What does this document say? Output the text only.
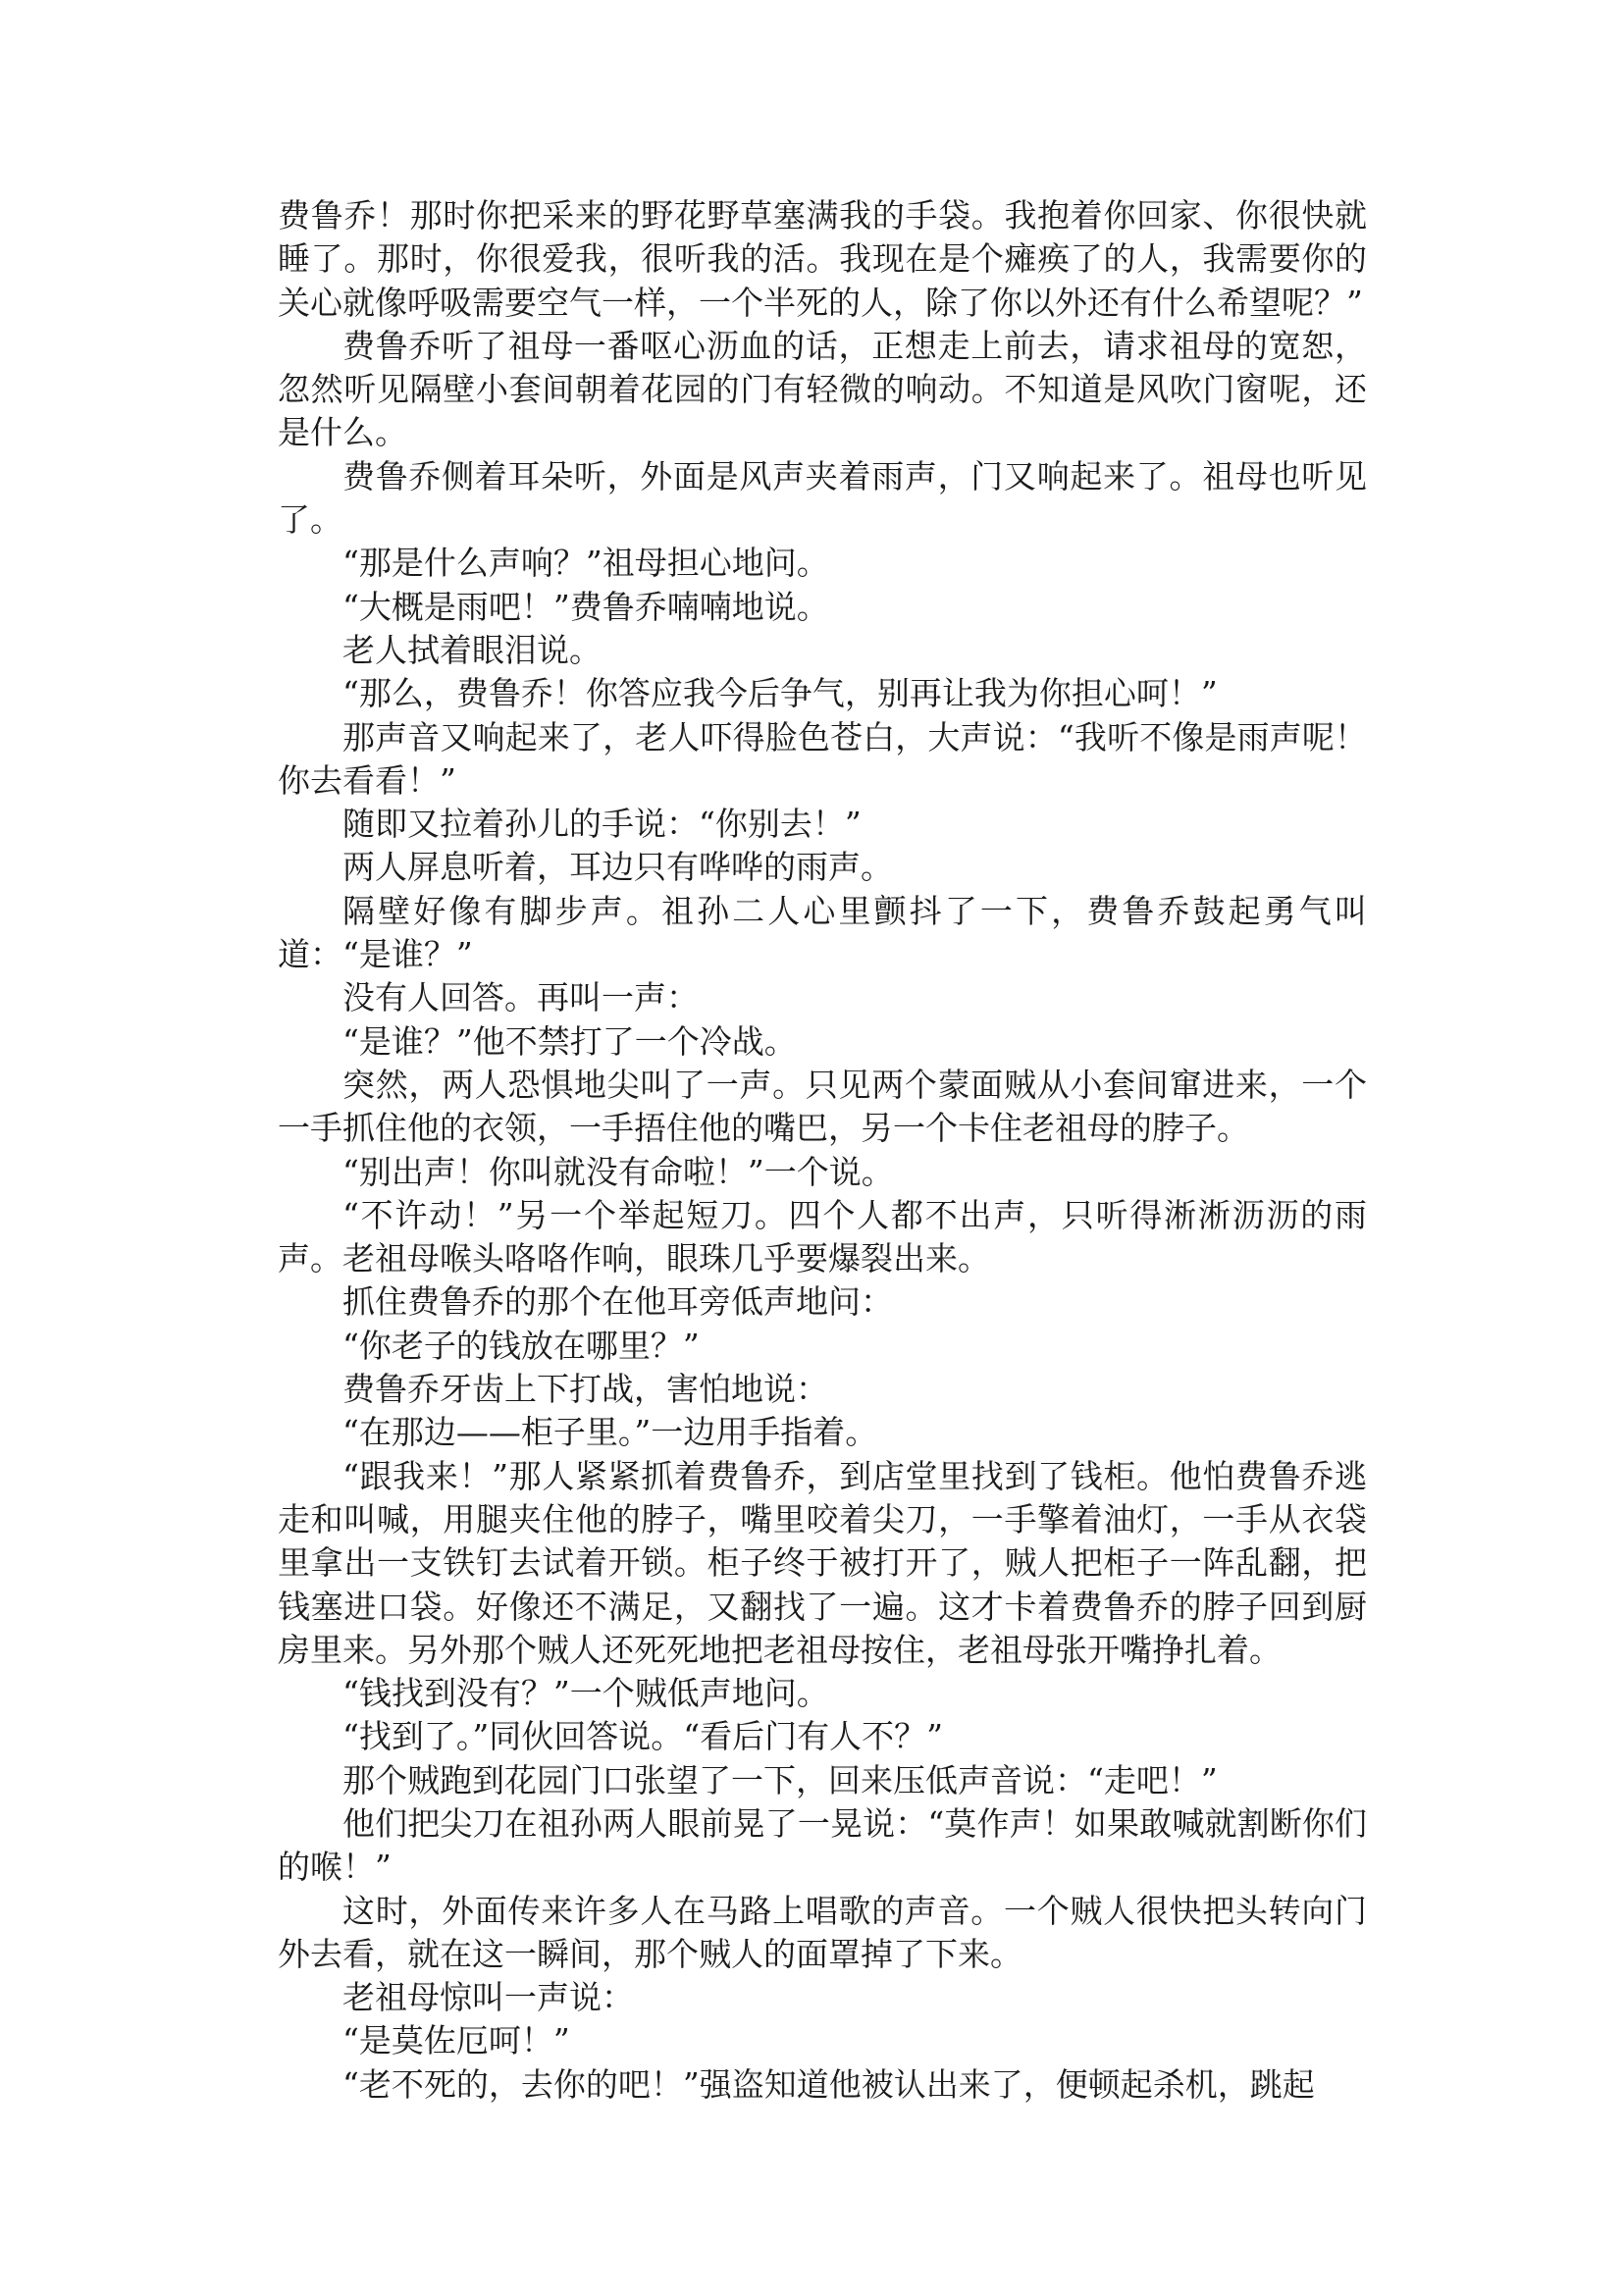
费鲁乔！那时你把采来的野花野草塞满我的手袋。我抱着你回家、你很快就睡了。那时，你很爱我，很听我的活。我现在是个瘫痪了的人，我需要你的关心就像呼吸需要空气一样，一个半死的人，除了你以外还有什么希望呢？”

费鲁乔听了祖母一番呕心沥血的话，正想走上前去，请求祖母的宽恕，忽然听见隔壁小套间朝着花园的门有轻微的响动。不知道是风吹门窗呢，还是什么。

费鲁乔侧着耳朵听，外面是风声夹着雨声，门又响起来了。祖母也听见了。

“那是什么声响？”祖母担心地问。

“大概是雨吧！”费鲁乔喃喃地说。

老人拭着眼泪说。

“那么，费鲁乔！你答应我今后争气，别再让我为你担心呵！”

那声音又响起来了，老人吓得脸色苍白，大声说：“我听不像是雨声呢！你去看看！”

随即又拉着孙儿的手说：“你别去！”

两人屏息听着，耳边只有哗哗的雨声。

隔壁好像有脚步声。祖孙二人心里颤抖了一下，费鲁乔鼓起勇气叫道：“是谁？”

没有人回答。再叫一声：

“是谁？”他不禁打了一个冷战。

突然，两人恐惧地尖叫了一声。只见两个蒙面贼从小套间窜进来，一个一手抓住他的衣领，一手捂住他的嘴巴，另一个卡住老祖母的脖子。

“别出声！你叫就没有命啦！”一个说。

“不许动！”另一个举起短刀。四个人都不出声，只听得淅淅沥沥的雨声。老祖母喉头咯咯作响，眼珠几乎要爆裂出来。

抓住费鲁乔的那个在他耳旁低声地问：

“你老子的钱放在哪里？”

费鲁乔牙齿上下打战，害怕地说：

“在那边——柜子里。”一边用手指着。

“跟我来！”那人紧紧抓着费鲁乔，到店堂里找到了钱柜。他怕费鲁乔逃走和叫喊，用腿夹住他的脖子，嘴里咬着尖刀，一手擎着油灯，一手从衣袋里拿出一支铁钉去试着开锁。柜子终于被打开了，贼人把柜子一阵乱翻，把钱塞进口袋。好像还不满足，又翻找了一遍。这才卡着费鲁乔的脖子回到厨房里来。另外那个贼人还死死地把老祖母按住，老祖母张开嘴挣扎着。

“钱找到没有？”一个贼低声地问。

“找到了。”同伙回答说。“看后门有人不？”

那个贼跑到花园门口张望了一下，回来压低声音说：“走吧！”

他们把尖刀在祖孙两人眼前晃了一晃说：“莫作声！如果敢喊就割断你们的喉！”

这时，外面传来许多人在马路上唱歌的声音。一个贼人很快把头转向门外去看，就在这一瞬间，那个贼人的面罩掉了下来。

老祖母惊叫一声说：

“是莫佐厄呵！”

“老不死的，去你的吧！”强盗知道他被认出来了，便顿起杀机，跳起
